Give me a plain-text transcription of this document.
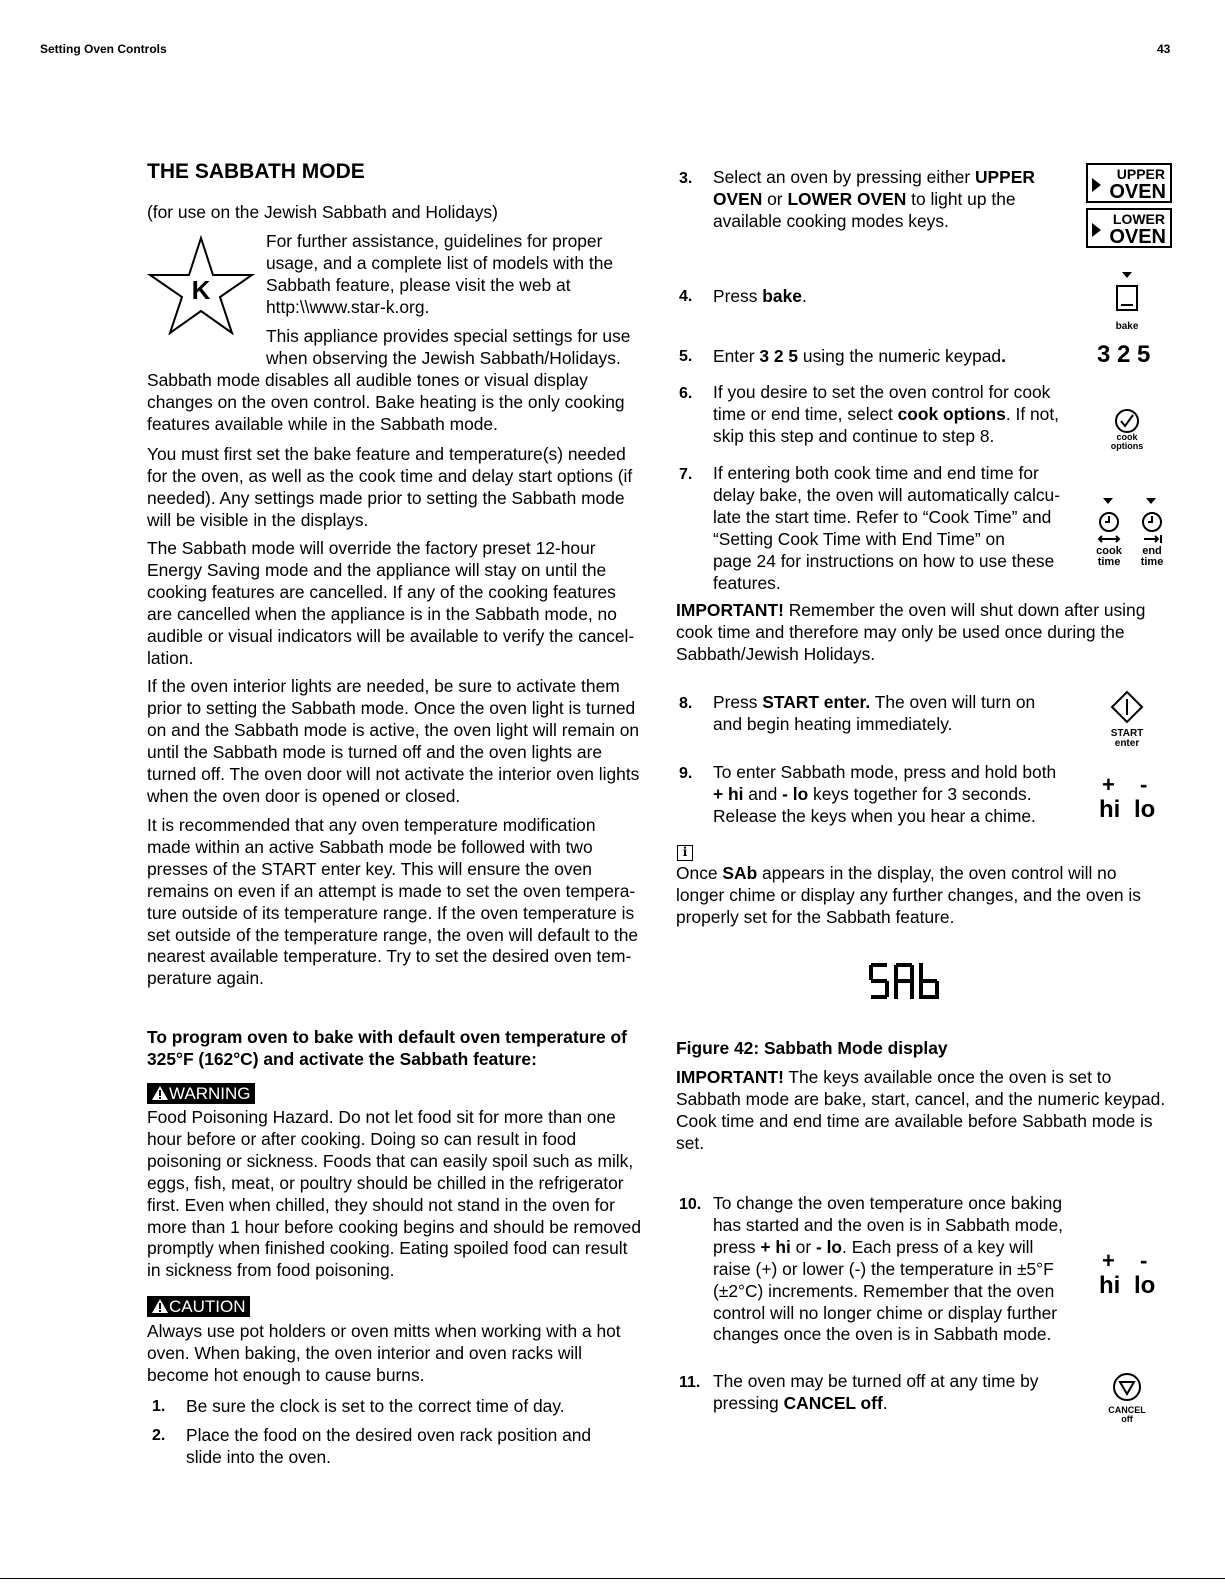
Setting Oven Controls	43
THE SABBATH MODE
(for use on the Jewish Sabbath and Holidays)
K
For further assistance, guidelines for proper
usage, and a complete list of models with the
Sabbath feature, please visit the web at
http:\\www.star-k.org.
This appliance provides special settings for use
when observing the Jewish Sabbath/Holidays.
Sabbath mode disables all audible tones or visual display
changes on the oven control. Bake heating is the only cooking
features available while in the Sabbath mode.
You must first set the bake feature and temperature(s) needed
for the oven, as well as the cook time and delay start options (if
needed). Any settings made prior to setting the Sabbath mode
will be visible in the displays.
The Sabbath mode will override the factory preset 12-hour
Energy Saving mode and the appliance will stay on until the
cooking features are cancelled. If any of the cooking features
are cancelled when the appliance is in the Sabbath mode, no
audible or visual indicators will be available to verify the cancel-
lation.
If the oven interior lights are needed, be sure to activate them
prior to setting the Sabbath mode. Once the oven light is turned
on and the Sabbath mode is active, the oven light will remain on
until the Sabbath mode is turned off and the oven lights are
turned off. The oven door will not activate the interior oven lights
when the oven door is opened or closed.
It is recommended that any oven temperature modification
made within an active Sabbath mode be followed with two
presses of the START enter key. This will ensure the oven
remains on even if an attempt is made to set the oven tempera-
ture outside of its temperature range. If the oven temperature is
set outside of the temperature range, the oven will default to the
nearest available temperature. Try to set the desired oven tem-
perature again.
To program oven to bake with default oven temperature of
325°F (162°C) and activate the Sabbath feature:
WARNING
Food Poisoning Hazard. Do not let food sit for more than one
hour before or after cooking. Doing so can result in food
poisoning or sickness. Foods that can easily spoil such as milk,
eggs, fish, meat, or poultry should be chilled in the refrigerator
first. Even when chilled, they should not stand in the oven for
more than 1 hour before cooking begins and should be removed
promptly when finished cooking. Eating spoiled food can result
in sickness from food poisoning.
CAUTION
Always use pot holders or oven mitts when working with a hot
oven. When baking, the oven interior and oven racks will
become hot enough to cause burns.
1. Be sure the clock is set to the correct time of day.
2. Place the food on the desired oven rack position and
slide into the oven.
3. Select an oven by pressing either UPPER
OVEN or LOWER OVEN to light up the
available cooking modes keys.
UPPER
OVEN
LOWER
OVEN
4. Press bake.
bake
5. Enter 3 2 5 using the numeric keypad.	3 2 5
6. If you desire to set the oven control for cook
time or end time, select cook options. If not,
skip this step and continue to step 8.	cook
options
7. If entering both cook time and end time for
delay bake, the oven will automatically calcu-
late the start time. Refer to “Cook Time” and
“Setting Cook Time with End Time” on
page 24 for instructions on how to use these
features.
cook
time
end
time
IMPORTANT! Remember the oven will shut down after using
cook time and therefore may only be used once during the
Sabbath/Jewish Holidays.
8. Press START enter. The oven will turn on
and begin heating immediately.	START
enter
9. To enter Sabbath mode, press and hold both
+ hi and - lo keys together for 3 seconds.
Release the keys when you hear a chime.
+ -
hi lo
i
Once SAb appears in the display, the oven control will no
longer chime or display any further changes, and the oven is
properly set for the Sabbath feature.
Figure 42: Sabbath Mode display
IMPORTANT! The keys available once the oven is set to
Sabbath mode are bake, start, cancel, and the numeric keypad.
Cook time and end time are available before Sabbath mode is
set.
10. To change the oven temperature once baking
has started and the oven is in Sabbath mode,
press + hi or - lo. Each press of a key will
raise (+) or lower (-) the temperature in ±5°F
(±2°C) increments. Remember that the oven
control will no longer chime or display further
changes once the oven is in Sabbath mode.
+ -
hi lo
11. The oven may be turned off at any time by
pressing CANCEL off.	CANCEL
off
